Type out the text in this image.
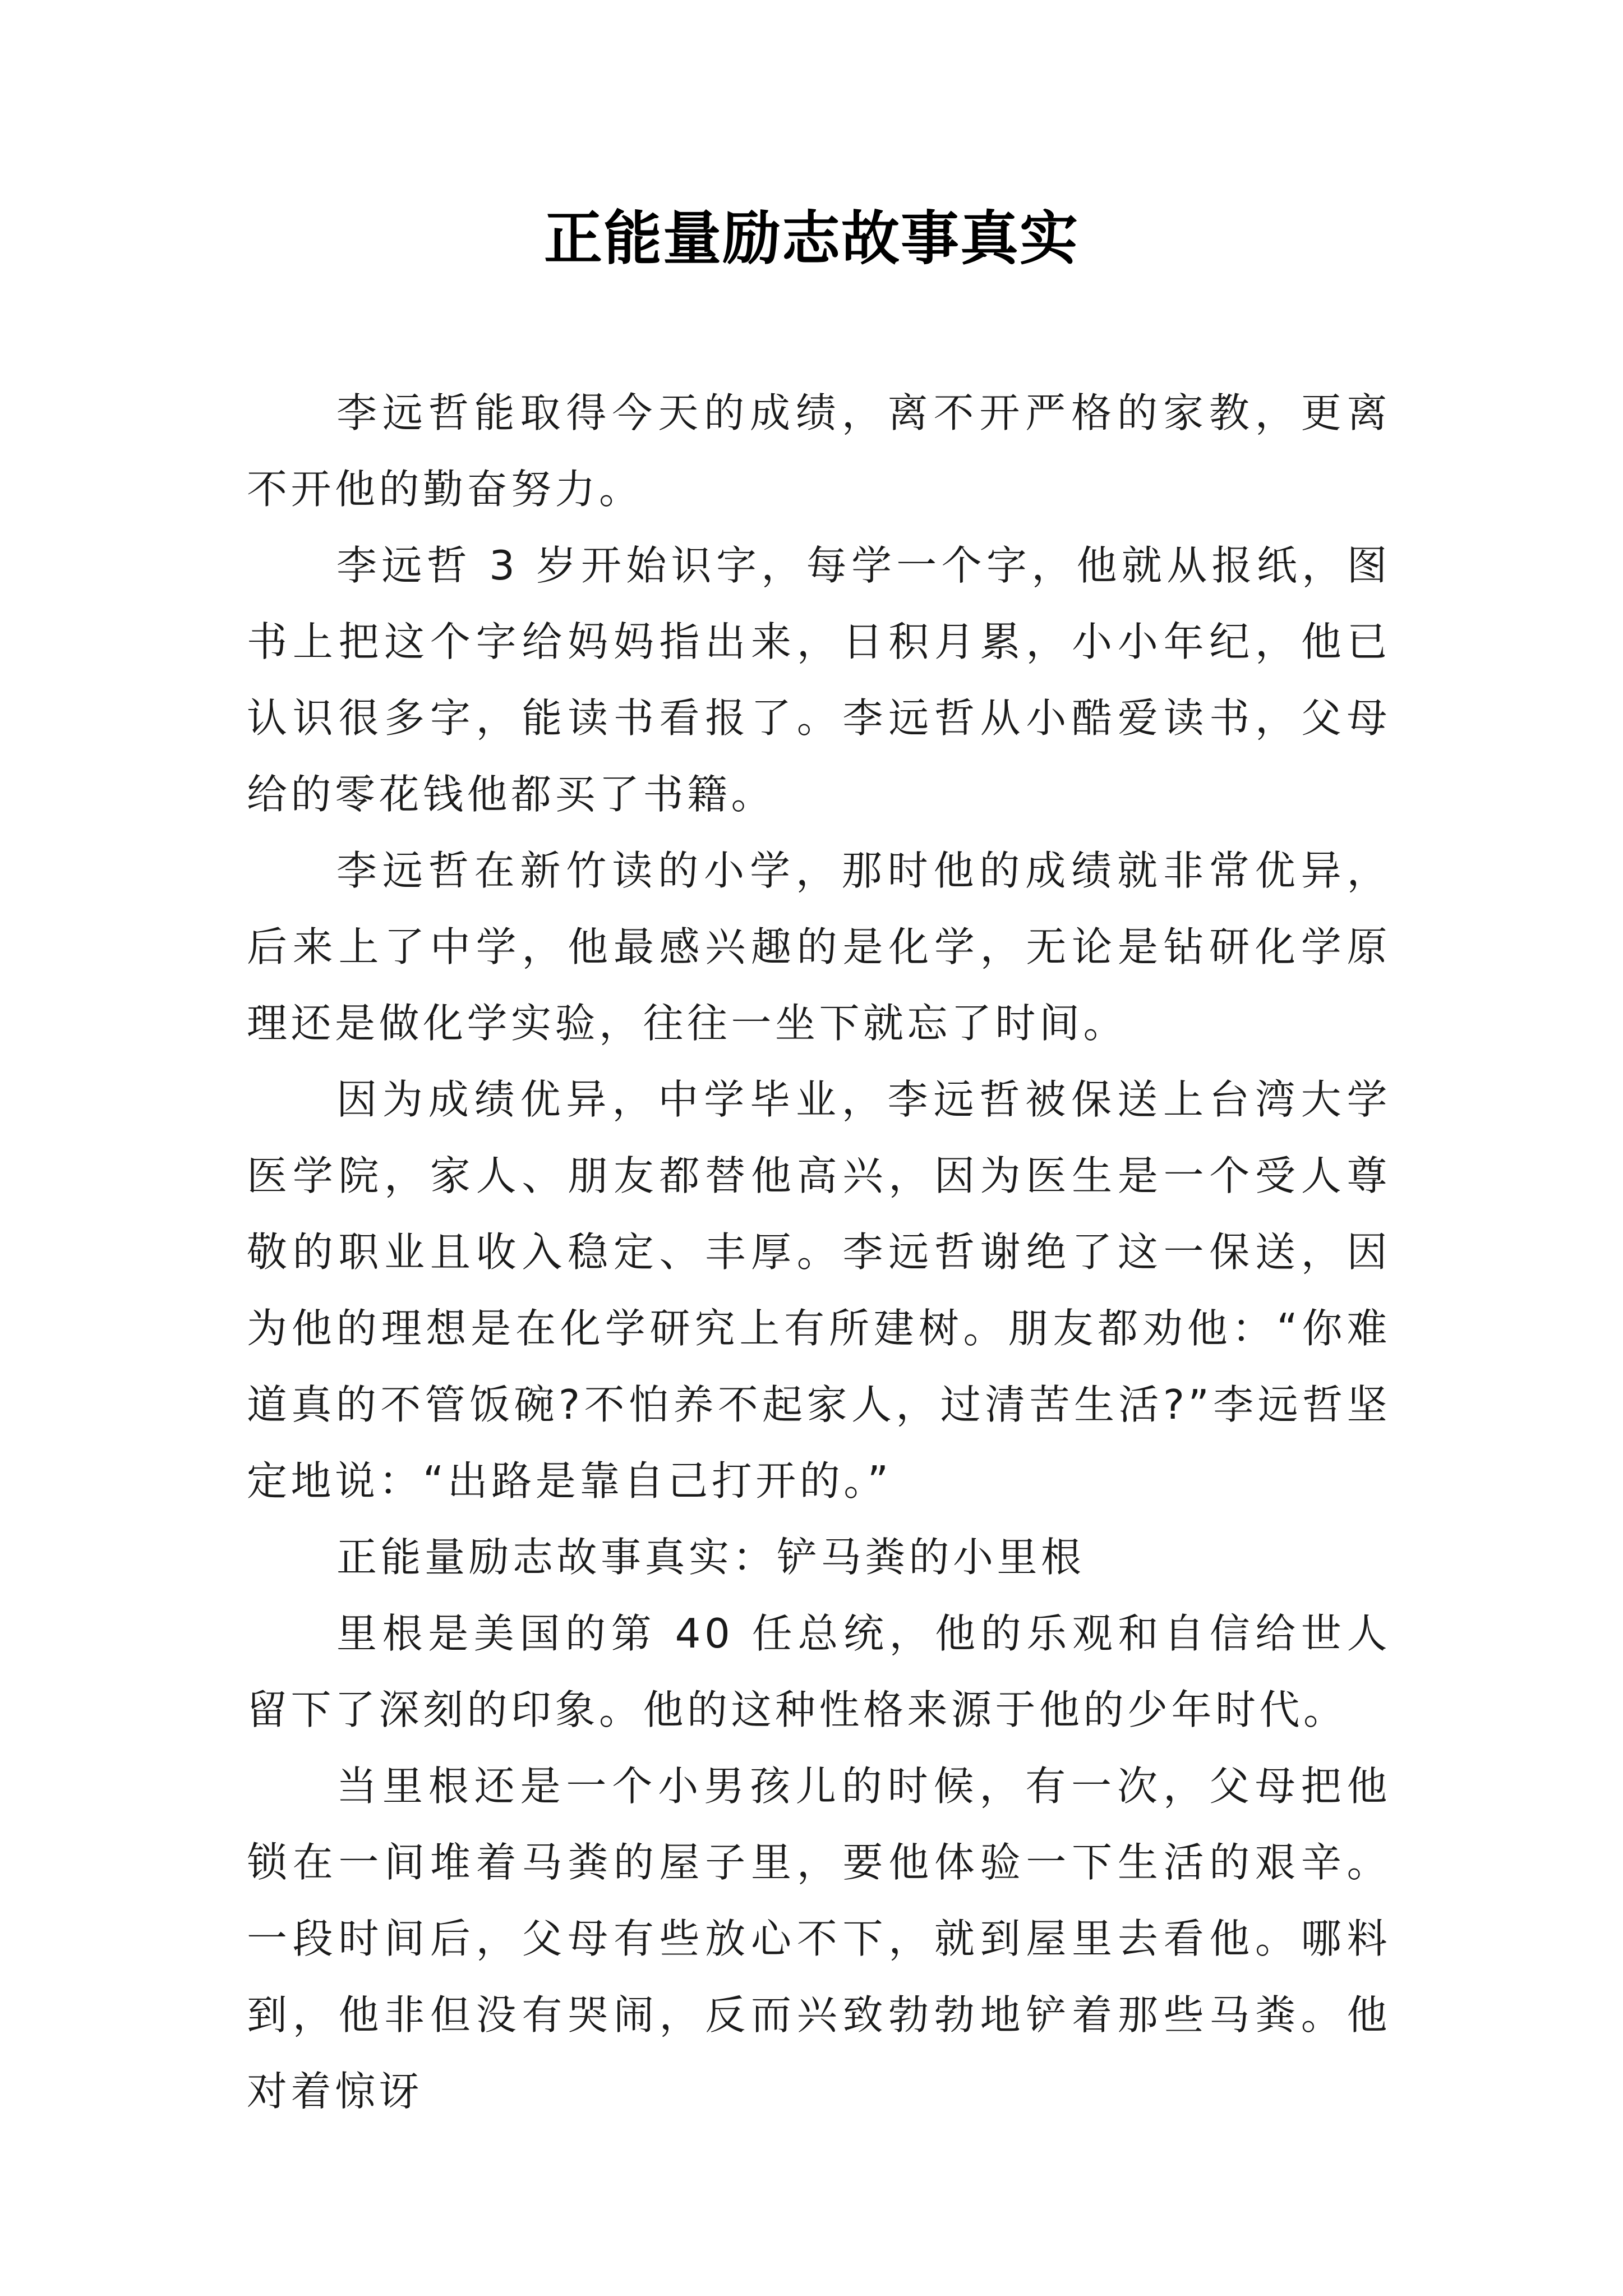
正能量励志故事真实

李远哲能取得今天的成绩，离不开严格的家教，更离不开他的勤奋努力。

李远哲 3 岁开始识字，每学一个字，他就从报纸，图书上把这个字给妈妈指出来，日积月累，小小年纪，他已认识很多字，能读书看报了。李远哲从小酷爱读书，父母给的零花钱他都买了书籍。

李远哲在新竹读的小学，那时他的成绩就非常优异，后来上了中学，他最感兴趣的是化学，无论是钻研化学原理还是做化学实验，往往一坐下就忘了时间。

因为成绩优异，中学毕业，李远哲被保送上台湾大学医学院，家人、朋友都替他高兴，因为医生是一个受人尊敬的职业且收入稳定、丰厚。李远哲谢绝了这一保送，因为他的理想是在化学研究上有所建树。朋友都劝他：“你难道真的不管饭碗?不怕养不起家人，过清苦生活?”李远哲坚定地说：“出路是靠自己打开的。”

正能量励志故事真实：铲马粪的小里根

里根是美国的第 40 任总统，他的乐观和自信给世人留下了深刻的印象。他的这种性格来源于他的少年时代。

当里根还是一个小男孩儿的时候，有一次，父母把他锁在一间堆着马粪的屋子里，要他体验一下生活的艰辛。一段时间后，父母有些放心不下，就到屋里去看他。哪料到，他非但没有哭闹，反而兴致勃勃地铲着那些马粪。他对着惊讶
